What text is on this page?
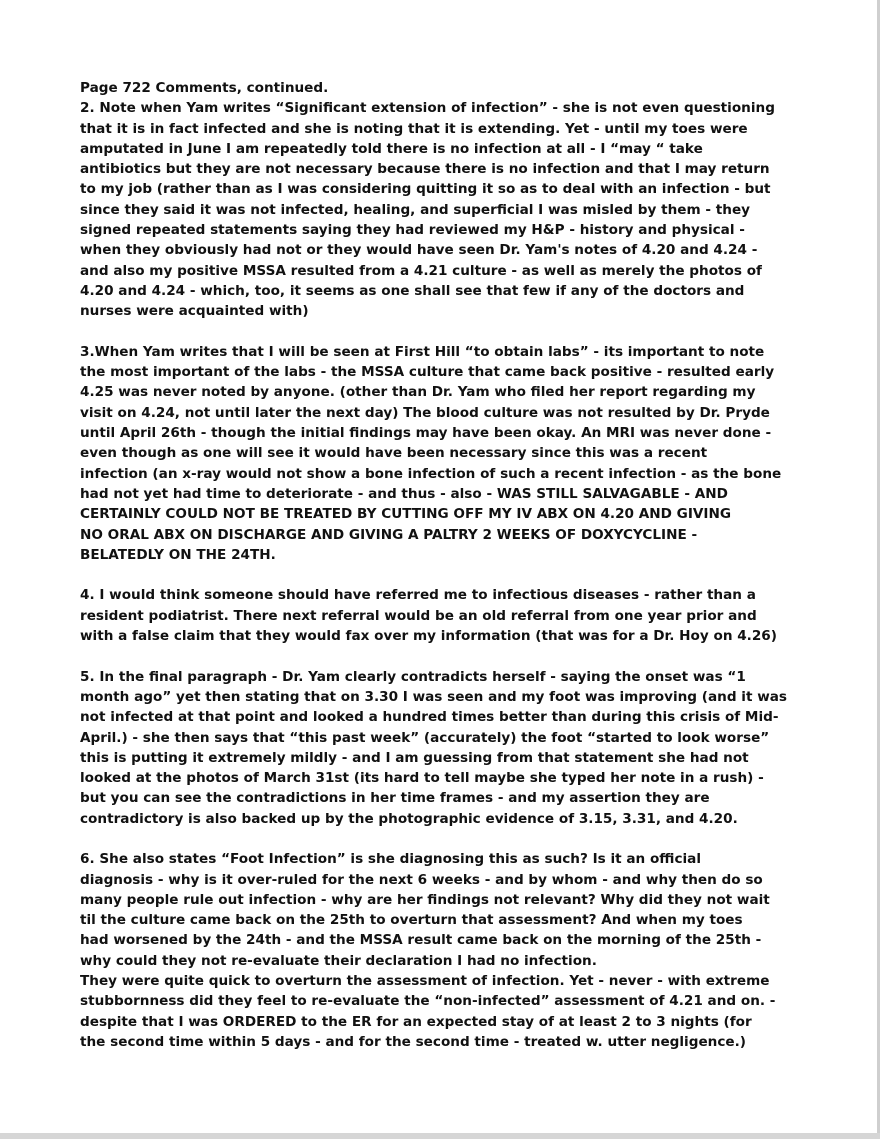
Page 722 Comments, continued.
2. Note when Yam writes “Significant extension of infection” - she is not even questioning
that it is in fact infected and she is noting that it is extending. Yet - until my toes were
amputated in June I am repeatedly told there is no infection at all - I “may “ take
antibiotics but they are not necessary because there is no infection and that I may return
to my job (rather than as I was considering quitting it so as to deal with an infection - but
since they said it was not infected, healing, and superficial I was misled by them - they
signed repeated statements saying they had reviewed my H&P - history and physical -
when they obviously had not or they would have seen Dr. Yam's notes of 4.20 and 4.24 -
and also my positive MSSA resulted from a 4.21 culture - as well as merely the photos of
4.20 and 4.24 - which, too, it seems as one shall see that few if any of the doctors and
nurses were acquainted with)
3.When Yam writes that I will be seen at First Hill “to obtain labs” - its important to note
the most important of the labs - the MSSA culture that came back positive - resulted early
4.25 was never noted by anyone. (other than Dr. Yam who filed her report regarding my
visit on 4.24, not until later the next day) The blood culture was not resulted by Dr. Pryde
until April 26th - though the initial findings may have been okay. An MRI was never done -
even though as one will see it would have been necessary since this was a recent
infection (an x-ray would not show a bone infection of such a recent infection - as the bone
had not yet had time to deteriorate - and thus - also - WAS STILL SALVAGABLE - AND
CERTAINLY COULD NOT BE TREATED BY CUTTING OFF MY IV ABX ON 4.20 AND GIVING
NO ORAL ABX ON DISCHARGE AND GIVING A PALTRY 2 WEEKS OF DOXYCYCLINE -
BELATEDLY ON THE 24TH.
4. I would think someone should have referred me to infectious diseases - rather than a
resident podiatrist. There next referral would be an old referral from one year prior and
with a false claim that they would fax over my information (that was for a Dr. Hoy on 4.26)
5. In the final paragraph - Dr. Yam clearly contradicts herself - saying the onset was “1
month ago” yet then stating that on 3.30 I was seen and my foot was improving (and it was
not infected at that point and looked a hundred times better than during this crisis of Mid-
April.) - she then says that “this past week” (accurately) the foot “started to look worse”
this is putting it extremely mildly - and I am guessing from that statement she had not
looked at the photos of March 31st (its hard to tell maybe she typed her note in a rush) -
but you can see the contradictions in her time frames - and my assertion they are
contradictory is also backed up by the photographic evidence of 3.15, 3.31, and 4.20.
6. She also states “Foot Infection” is she diagnosing this as such? Is it an official
diagnosis - why is it over-ruled for the next 6 weeks - and by whom - and why then do so
many people rule out infection - why are her findings not relevant? Why did they not wait
til the culture came back on the 25th to overturn that assessment? And when my toes
had worsened by the 24th - and the MSSA result came back on the morning of the 25th -
why could they not re-evaluate their declaration I had no infection.
They were quite quick to overturn the assessment of infection. Yet - never - with extreme
stubbornness did they feel to re-evaluate the “non-infected” assessment of 4.21 and on. -
despite that I was ORDERED to the ER for an expected stay of at least 2 to 3 nights (for
the second time within 5 days - and for the second time - treated w. utter negligence.)
